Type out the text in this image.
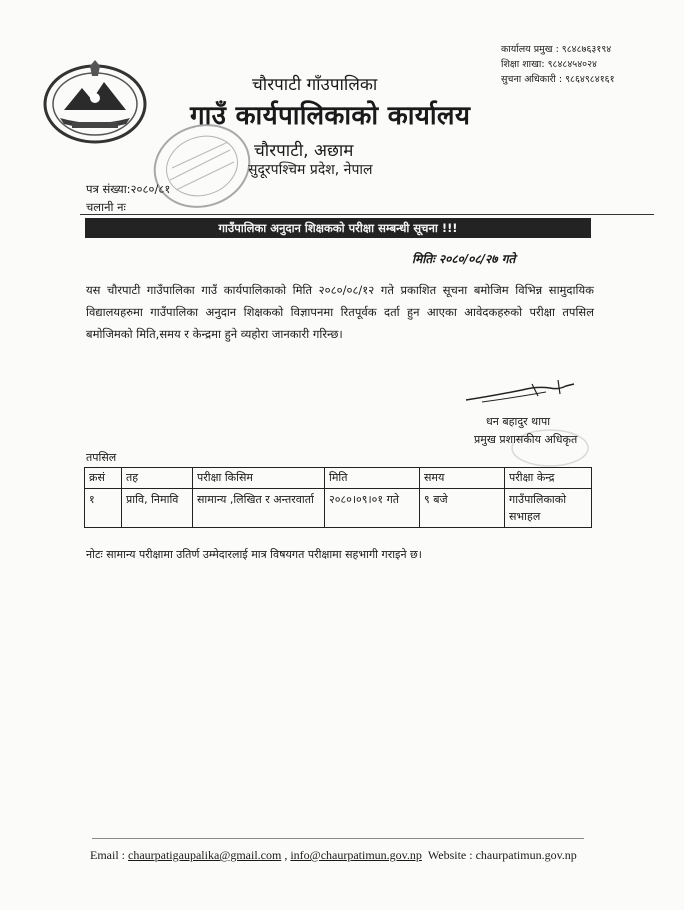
चौरपाटी गाँउपालिका
गाउँ कार्यपालिकाको कार्यालय
चौरपाटी, अछाम
सुदूरपश्चिम प्रदेश, नेपाल
कार्यालय प्रमुख : ९८४८७६३१९४
शिक्षा शाखा: ९८४८४५४०२४
सुचना अधिकारी : ९८६४९८४१६१
पत्र संख्या:२०८०/८१
चलानी नः
गाउँपालिका अनुदान शिक्षकको परीक्षा सम्बन्धी सूचना !!!
मितिः २०८०/०८/२७ गते
यस चौरपाटी गाउँपालिका गाउँ कार्यपालिकाको मिति २०८०/०८/१२ गते प्रकाशित सूचना बमोजिम विभिन्न सामुदायिक विद्यालयहरुमा गाउँपालिका अनुदान शिक्षकको विज्ञापनमा रितपूर्वक दर्ता हुन आएका आवेदकहरुको परीक्षा तपसिल बमोजिमको मिति,समय र केन्द्रमा हुने व्यहोरा जानकारी गरिन्छ।
धन बहादुर थापा
प्रमुख प्रशासकीय अधिकृत
तपसिल
क्रसं	तह	परीक्षा किसिम	मिति	समय	परीक्षा केन्द्र
१	प्रावि, निमावि	सामान्य ,लिखित र अन्तरवार्ता	२०८०।०९।०१ गते	९ बजे	गाउँपालिकाको सभाहल
नोटः सामान्य परीक्षामा उतिर्ण उम्मेदारलाई मात्र विषयगत परीक्षामा सहभागी गराइने छ।
Email : chaurpatigaupalika@gmail.com , info@chaurpatimun.gov.np Website : chaurpatimun.gov.np
